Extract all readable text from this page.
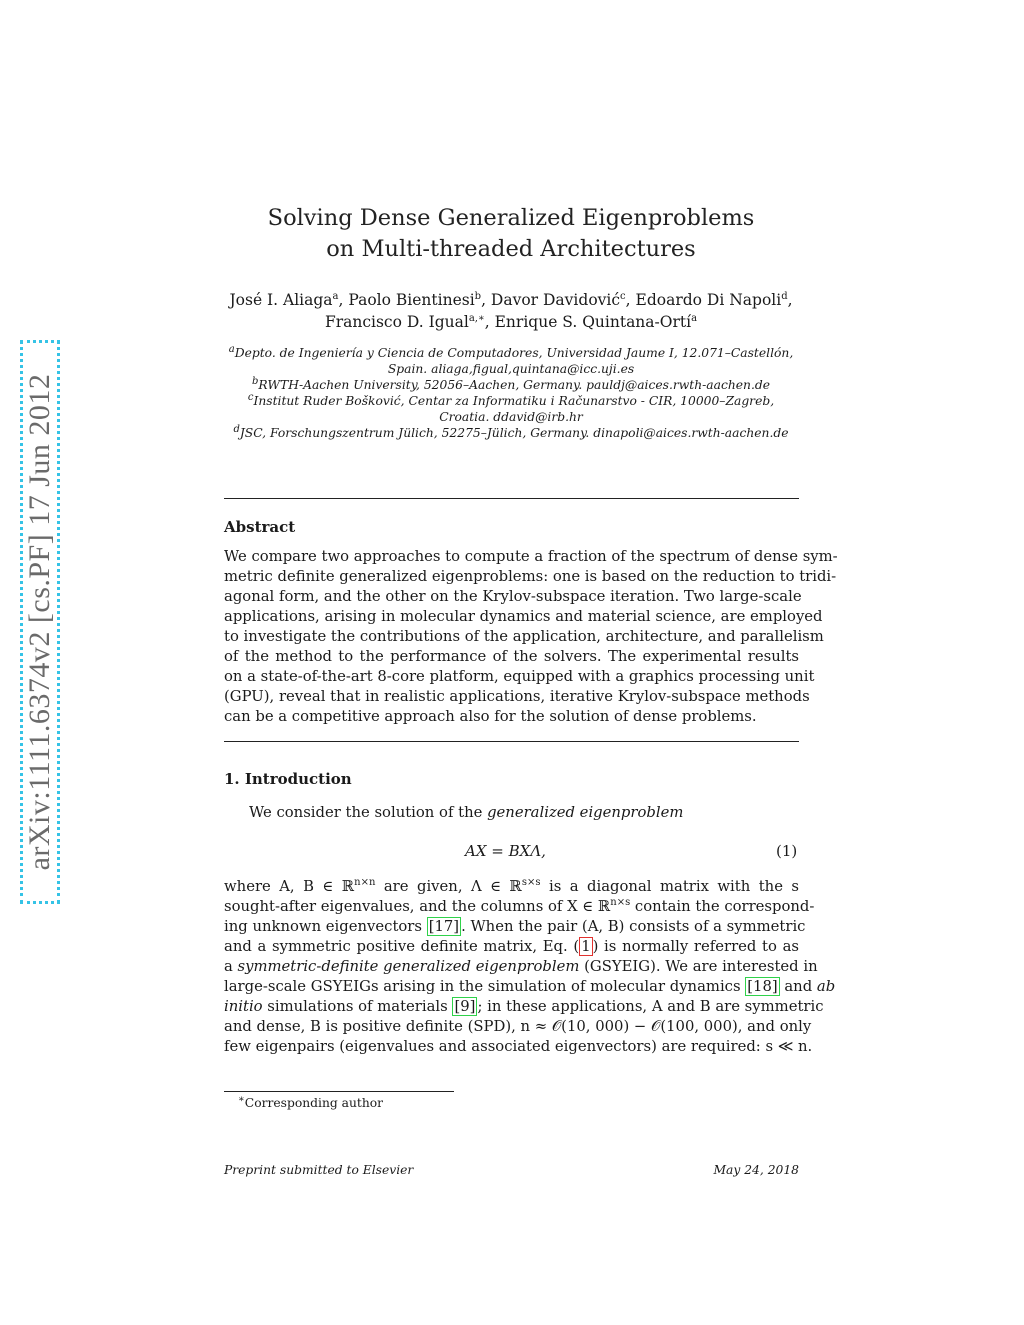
arXiv:1111.6374v2 [cs.PF] 17 Jun 2012
Solving Dense Generalized Eigenproblems
on Multi-threaded Architectures
José I. Aliaga$^a$, Paolo Bientinesi$^b$, Davor Davidović$^c$, Edoardo Di Napoli$^d$,
Francisco D. Igual$^{a,∗}$, Enrique S. Quintana-Ortí$^a$
$^a$Depto. de Ingeniería y Ciencia de Computadores, Universidad Jaume I, 12.071–Castellón,
Spain. aliaga,figual,quintana@icc.uji.es
$^b$RWTH-Aachen University, 52056–Aachen, Germany. pauldj@aices.rwth-aachen.de
$^c$Institut Ruder Bošković, Centar za Informatiku i Računarstvo - CIR, 10000–Zagreb,
Croatia. ddavid@irb.hr
$^d$JSC, Forschungszentrum Jülich, 52275–Jülich, Germany. dinapoli@aices.rwth-aachen.de
Abstract
We compare two approaches to compute a fraction of the spectrum of dense sym-
metric definite generalized eigenproblems: one is based on the reduction to tridi-
agonal form, and the other on the Krylov-subspace iteration. Two large-scale
applications, arising in molecular dynamics and material science, are employed
to investigate the contributions of the application, architecture, and parallelism
of the method to the performance of the solvers. The experimental results
on a state-of-the-art 8-core platform, equipped with a graphics processing unit
(GPU), reveal that in realistic applications, iterative Krylov-subspace methods
can be a competitive approach also for the solution of dense problems.
1. Introduction
We consider the solution of the generalized eigenproblem
AX = BXΛ,	(1)
where A, B ∈ ℝ$^{n\times n}$ are given, Λ ∈ ℝ$^{s\times s}$ is a diagonal matrix with the s
sought-after eigenvalues, and the columns of X ∈ ℝ$^{n\times s}$ contain the correspond-
ing unknown eigenvectors [17] . When the pair (A, B) consists of a symmetric
and a symmetric positive definite matrix, Eq. ( 1 ) is normally referred to as
a symmetric-definite generalized eigenproblem (GSYEIG). We are interested in
large-scale GSYEIGs arising in the simulation of molecular dynamics [18] and ab
initio simulations of materials [9] ; in these applications, A and B are symmetric
and dense, B is positive definite (SPD), n ≈ 𝒪(10, 000) − 𝒪(100, 000), and only
few eigenpairs (eigenvalues and associated eigenvectors) are required: s ≪ n.
∗Corresponding author
Preprint submitted to Elsevier	May 24, 2018
